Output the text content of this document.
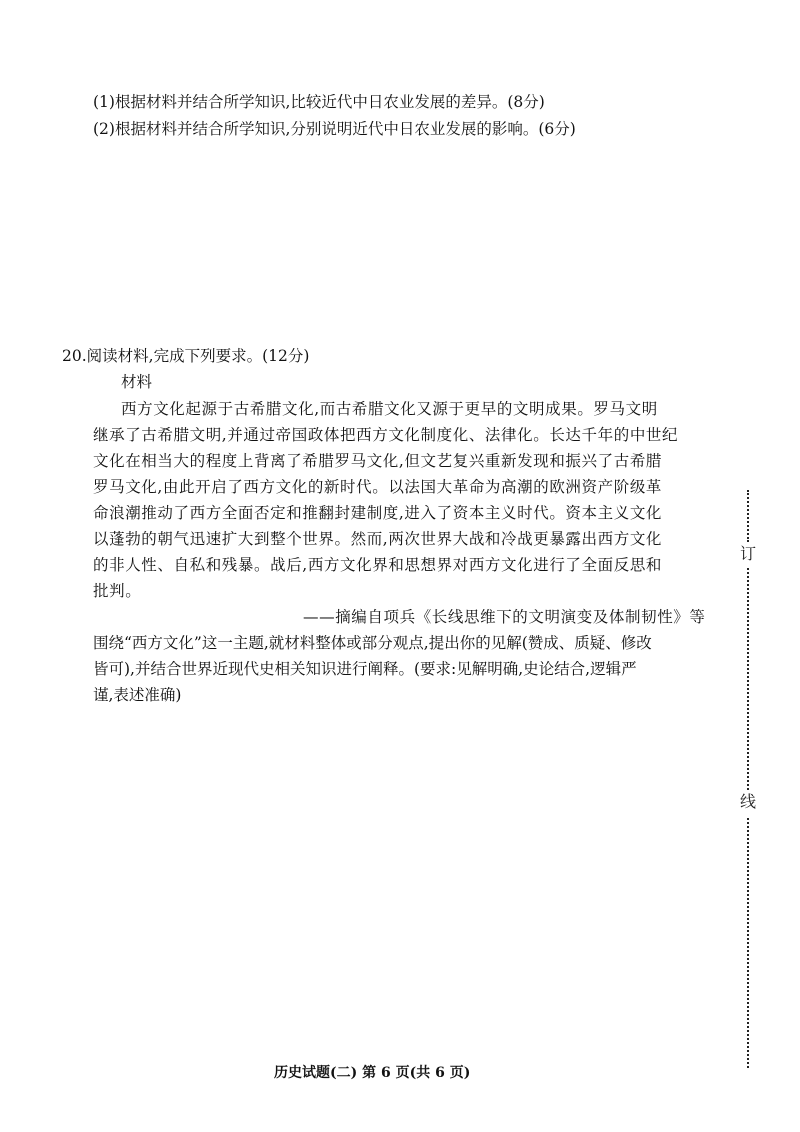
(1)根据材料并结合所学知识,比较近代中日农业发展的差异。(8分)
(2)根据材料并结合所学知识,分别说明近代中日农业发展的影响。(6分)
20.阅读材料,完成下列要求。(12分)
材料
西方文化起源于古希腊文化,而古希腊文化又源于更早的文明成果。罗马文明
继承了古希腊文明,并通过帝国政体把西方文化制度化、法律化。长达千年的中世纪
文化在相当大的程度上背离了希腊罗马文化,但文艺复兴重新发现和振兴了古希腊
罗马文化,由此开启了西方文化的新时代。以法国大革命为高潮的欧洲资产阶级革
命浪潮推动了西方全面否定和推翻封建制度,进入了资本主义时代。资本主义文化
以蓬勃的朝气迅速扩大到整个世界。然而,两次世界大战和冷战更暴露出西方文化
的非人性、自私和残暴。战后,西方文化界和思想界对西方文化进行了全面反思和
批判。
——摘编自项兵《长线思维下的文明演变及体制韧性》等
围绕“西方文化”这一主题,就材料整体或部分观点,提出你的见解(赞成、质疑、修改
皆可),并结合世界近现代史相关知识进行阐释。(要求:见解明确,史论结合,逻辑严
谨,表述准确)
订
线
历史试题(二) 第 6 页(共 6 页)
